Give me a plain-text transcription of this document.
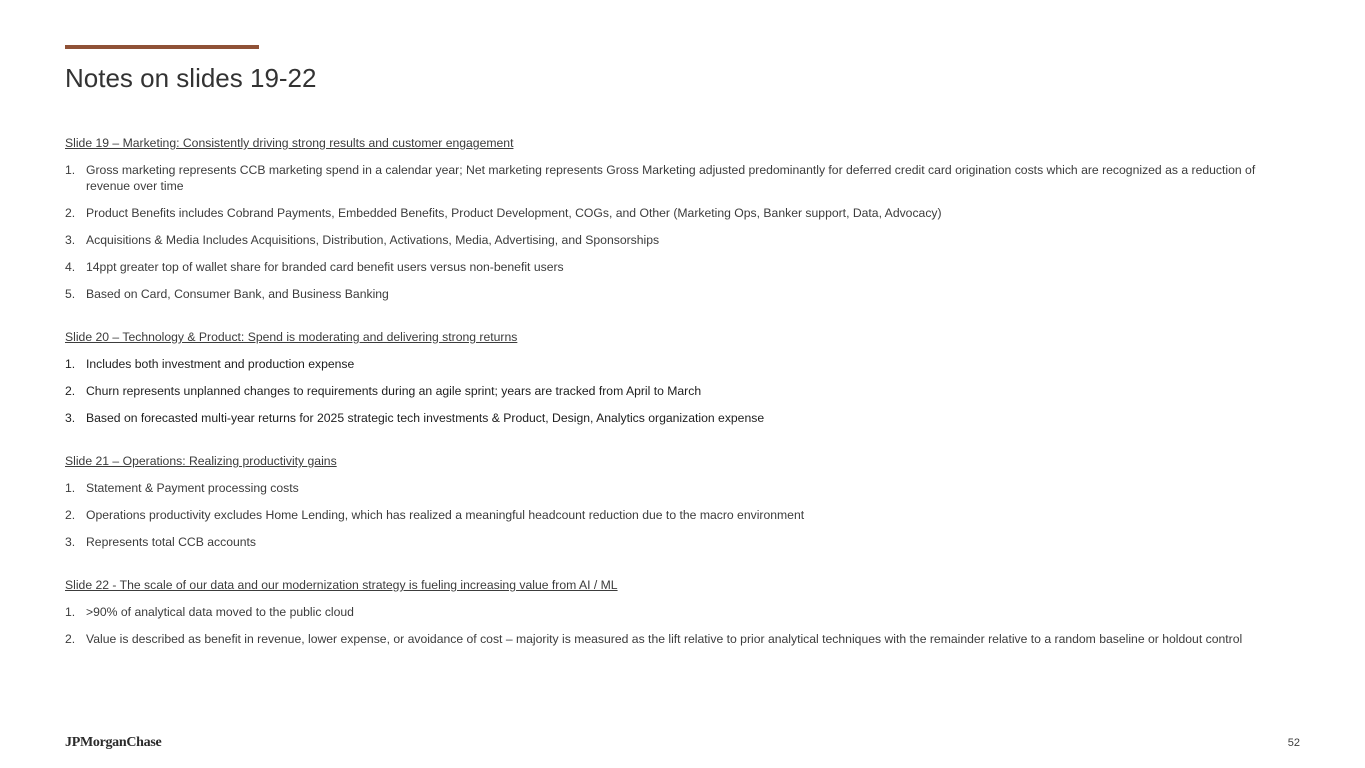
Notes on slides 19-22

Slide 19 – Marketing: Consistently driving strong results and customer engagement

1. Gross marketing represents CCB marketing spend in a calendar year; Net marketing represents Gross Marketing adjusted predominantly for deferred credit card origination costs which are recognized as a reduction of revenue over time
2. Product Benefits includes Cobrand Payments, Embedded Benefits, Product Development, COGs, and Other (Marketing Ops, Banker support, Data, Advocacy)
3. Acquisitions & Media Includes Acquisitions, Distribution, Activations, Media, Advertising, and Sponsorships
4. 14ppt greater top of wallet share for branded card benefit users versus non-benefit users
5. Based on Card, Consumer Bank, and Business Banking

Slide 20 – Technology & Product: Spend is moderating and delivering strong returns

1. Includes both investment and production expense
2. Churn represents unplanned changes to requirements during an agile sprint; years are tracked from April to March
3. Based on forecasted multi-year returns for 2025 strategic tech investments & Product, Design, Analytics organization expense

Slide 21 – Operations: Realizing productivity gains

1. Statement & Payment processing costs
2. Operations productivity excludes Home Lending, which has realized a meaningful headcount reduction due to the macro environment
3. Represents total CCB accounts

Slide 22 - The scale of our data and our modernization strategy is fueling increasing value from AI / ML

1. >90% of analytical data moved to the public cloud
2. Value is described as benefit in revenue, lower expense, or avoidance of cost – majority is measured as the lift relative to prior analytical techniques with the remainder relative to a random baseline or holdout control
JPMorganChase	52
